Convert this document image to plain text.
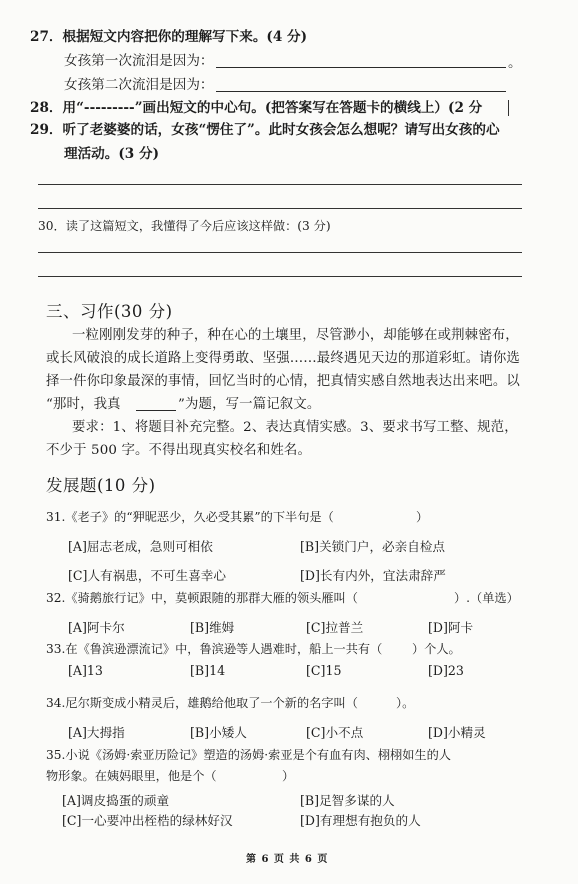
27．根据短文内容把你的理解写下来。(4 分)
女孩第一次流泪是因为：	。
女孩第二次流泪是因为：
28．用“---------”画出短文的中心句。(把答案写在答题卡的横线上）(2 分
29．听了老婆婆的话，女孩“愣住了”。此时女孩会怎么想呢？请写出女孩的心
理活动。(3 分)
30．读了这篇短文，我懂得了今后应该这样做：(3 分)
三、习作(30 分)
一粒刚刚发芽的种子，种在心的土壤里，尽管渺小，却能够在或荆棘密布，
或长风破浪的成长道路上变得勇敢、坚强……最终遇见天边的那道彩虹。请你选
择一件你印象最深的事情，回忆当时的心情，把真情实感自然地表达出来吧。以
“那时，我真	”为题，写一篇记叙文。
要求：1、将题目补充完整。2、表达真情实感。3、要求书写工整、规范，
不少于 500 字。不得出现真实校名和姓名。
发展题(10 分)
31.《老子》的“狎昵恶少，久必受其累”的下半句是（	）
[A]屈志老成，急则可相依	[B]关锁门户，必亲自检点
[C]人有祸患，不可生喜幸心	[D]长有内外，宜法肃辞严
32.《骑鹅旅行记》中，莫顿跟随的那群大雁的领头雁叫（	）.（单选）
[A]阿卡尔	[B]维姆	[C]拉普兰	[D]阿卡
33.在《鲁滨逊漂流记》中，鲁滨逊等人遇难时，船上一共有（ ）个人。
[A]13	[B]14	[C]15	[D]23
34.尼尔斯变成小精灵后，雄鹅给他取了一个新的名字叫（	）。
[A]大拇指	[B]小矮人	[C]小不点	[D]小精灵
35.小说《汤姆·索亚历险记》塑造的汤姆·索亚是个有血有肉、栩栩如生的人
物形象。在姨妈眼里，他是个（	）
[A]调皮捣蛋的顽童	[B]足智多谋的人
[C]一心要冲出桎梏的绿林好汉	[D]有理想有抱负的人
第 6 页 共 6 页
